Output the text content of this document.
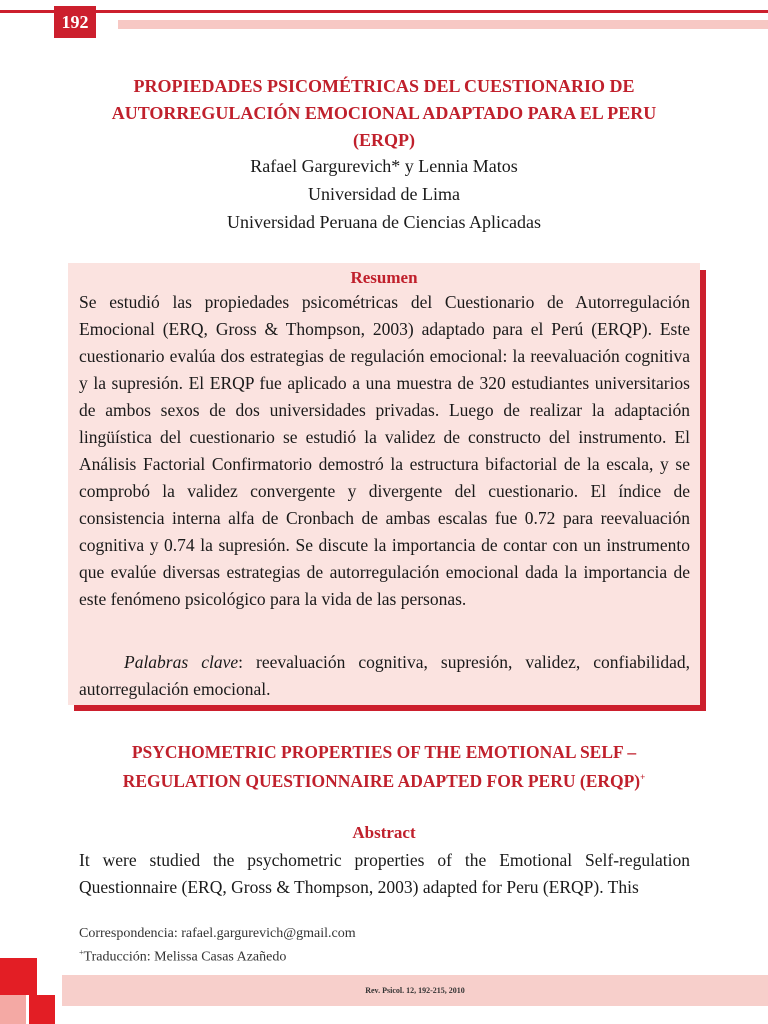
192
PROPIEDADES PSICOMÉTRICAS DEL CUESTIONARIO DE
AUTORREGULACIÓN EMOCIONAL ADAPTADO PARA EL PERU
(ERQP)
Rafael Gargurevich* y Lennia Matos
Universidad de Lima
Universidad Peruana de Ciencias Aplicadas
Resumen

Se estudió las propiedades psicométricas del Cuestionario de Autorregulación Emocional (ERQ, Gross & Thompson, 2003) adaptado para el Perú (ERQP). Este cuestionario evalúa dos estrategias de regulación emocional: la reevaluación cognitiva y la supresión. El ERQP fue aplicado a una muestra de 320 estudiantes universitarios de ambos sexos de dos universidades privadas. Luego de realizar la adaptación lingüística del cuestionario se estudió la validez de constructo del instrumento. El Análisis Factorial Confirmatorio demostró la estructura bifactorial de la escala, y se comprobó la validez convergente y divergente del cuestionario. El índice de consistencia interna alfa de Cronbach de ambas escalas fue 0.72 para reevaluación cognitiva y 0.74 la supresión. Se discute la importancia de contar con un instrumento que evalúe diversas estrategias de autorregulación emocional dada la importancia de este fenómeno psicológico para la vida de las personas.

Palabras clave: reevaluación cognitiva, supresión, validez, confiabilidad, autorregulación emocional.

PSYCHOMETRIC PROPERTIES OF THE EMOTIONAL SELF –
REGULATION QUESTIONNAIRE ADAPTED FOR PERU (ERQP)+
Abstract

It were studied the psychometric properties of the Emotional Self-regulation Questionnaire (ERQ, Gross & Thompson, 2003) adapted for Peru (ERQP). This

Correspondencia: rafael.gargurevich@gmail.com
+Traducción: Melissa Casas Azañedo
Rev. Psicol. 12, 192-215, 2010
